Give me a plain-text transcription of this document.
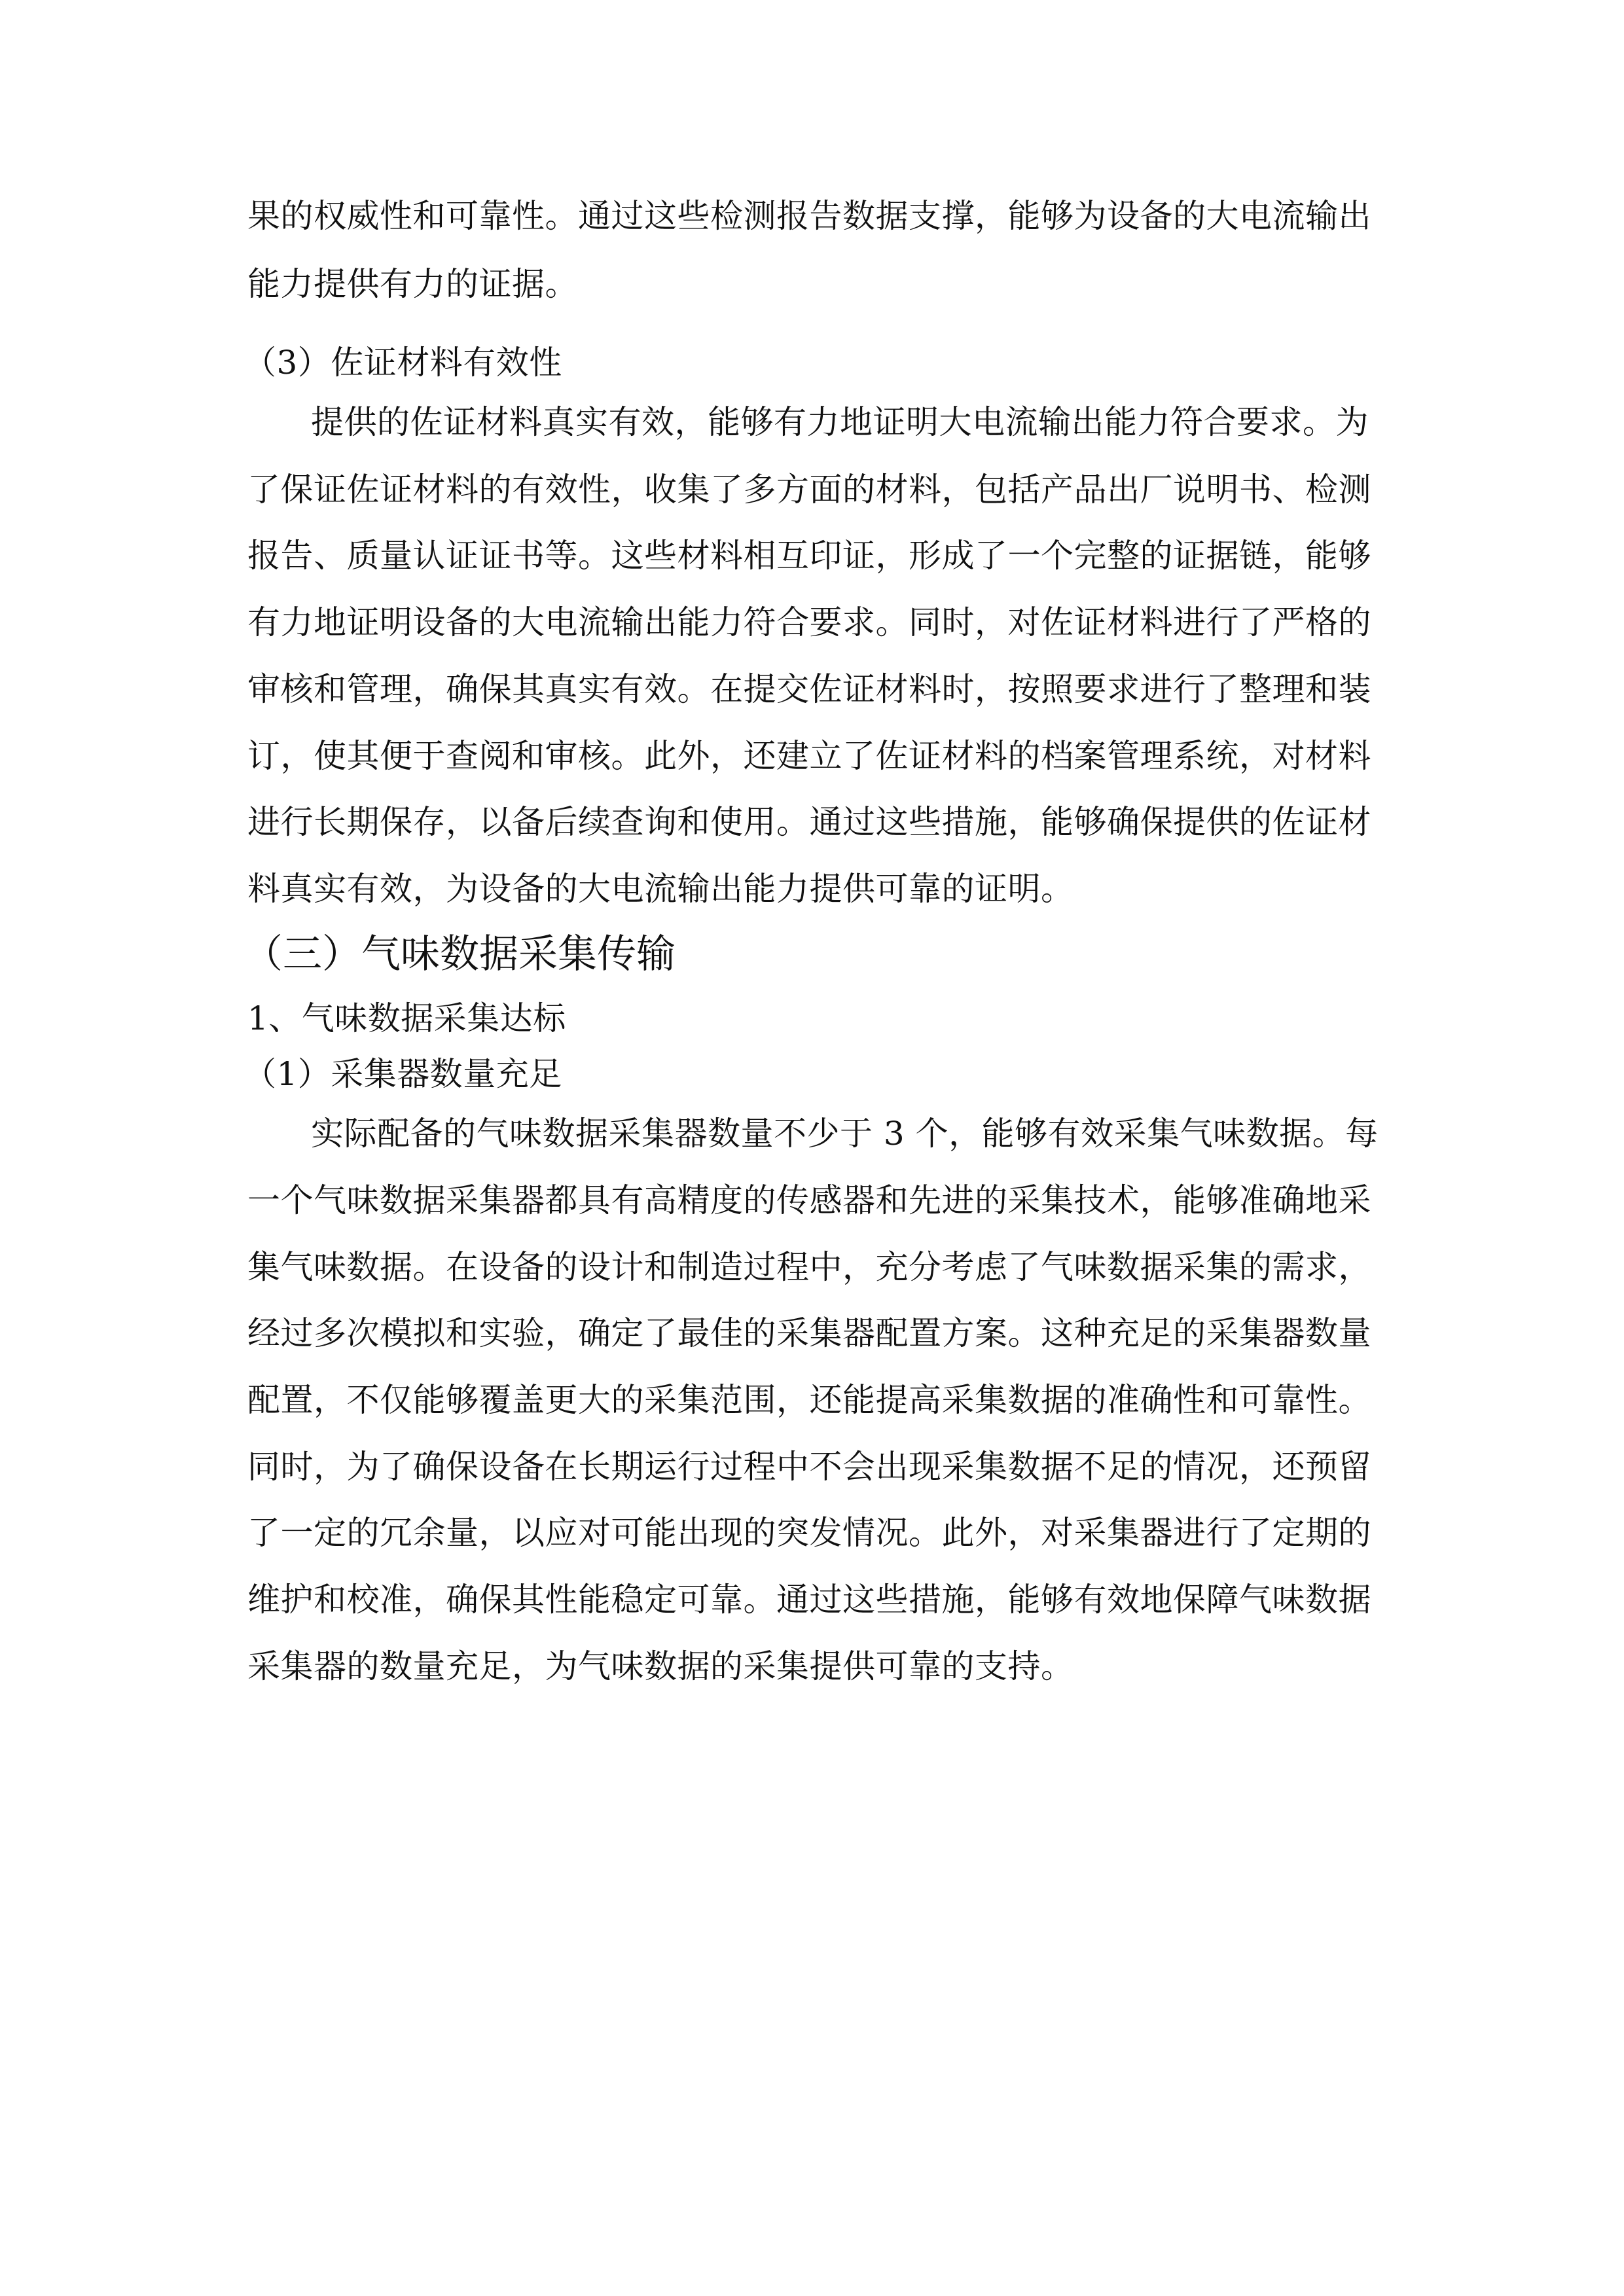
果的权威性和可靠性。通过这些检测报告数据支撑，能够为设备的大电流输出
能力提供有力的证据。
（3）佐证材料有效性
提供的佐证材料真实有效，能够有力地证明大电流输出能力符合要求。为
了保证佐证材料的有效性，收集了多方面的材料，包括产品出厂说明书、检测
报告、质量认证证书等。这些材料相互印证，形成了一个完整的证据链，能够
有力地证明设备的大电流输出能力符合要求。同时，对佐证材料进行了严格的
审核和管理，确保其真实有效。在提交佐证材料时，按照要求进行了整理和装
订，使其便于查阅和审核。此外，还建立了佐证材料的档案管理系统，对材料
进行长期保存，以备后续查询和使用。通过这些措施，能够确保提供的佐证材
料真实有效，为设备的大电流输出能力提供可靠的证明。
（三）气味数据采集传输
1、气味数据采集达标
（1）采集器数量充足
实际配备的气味数据采集器数量不少于 3 个，能够有效采集气味数据。每
一个气味数据采集器都具有高精度的传感器和先进的采集技术，能够准确地采
集气味数据。在设备的设计和制造过程中，充分考虑了气味数据采集的需求，
经过多次模拟和实验，确定了最佳的采集器配置方案。这种充足的采集器数量
配置，不仅能够覆盖更大的采集范围，还能提高采集数据的准确性和可靠性。
同时，为了确保设备在长期运行过程中不会出现采集数据不足的情况，还预留
了一定的冗余量，以应对可能出现的突发情况。此外，对采集器进行了定期的
维护和校准，确保其性能稳定可靠。通过这些措施，能够有效地保障气味数据
采集器的数量充足，为气味数据的采集提供可靠的支持。
